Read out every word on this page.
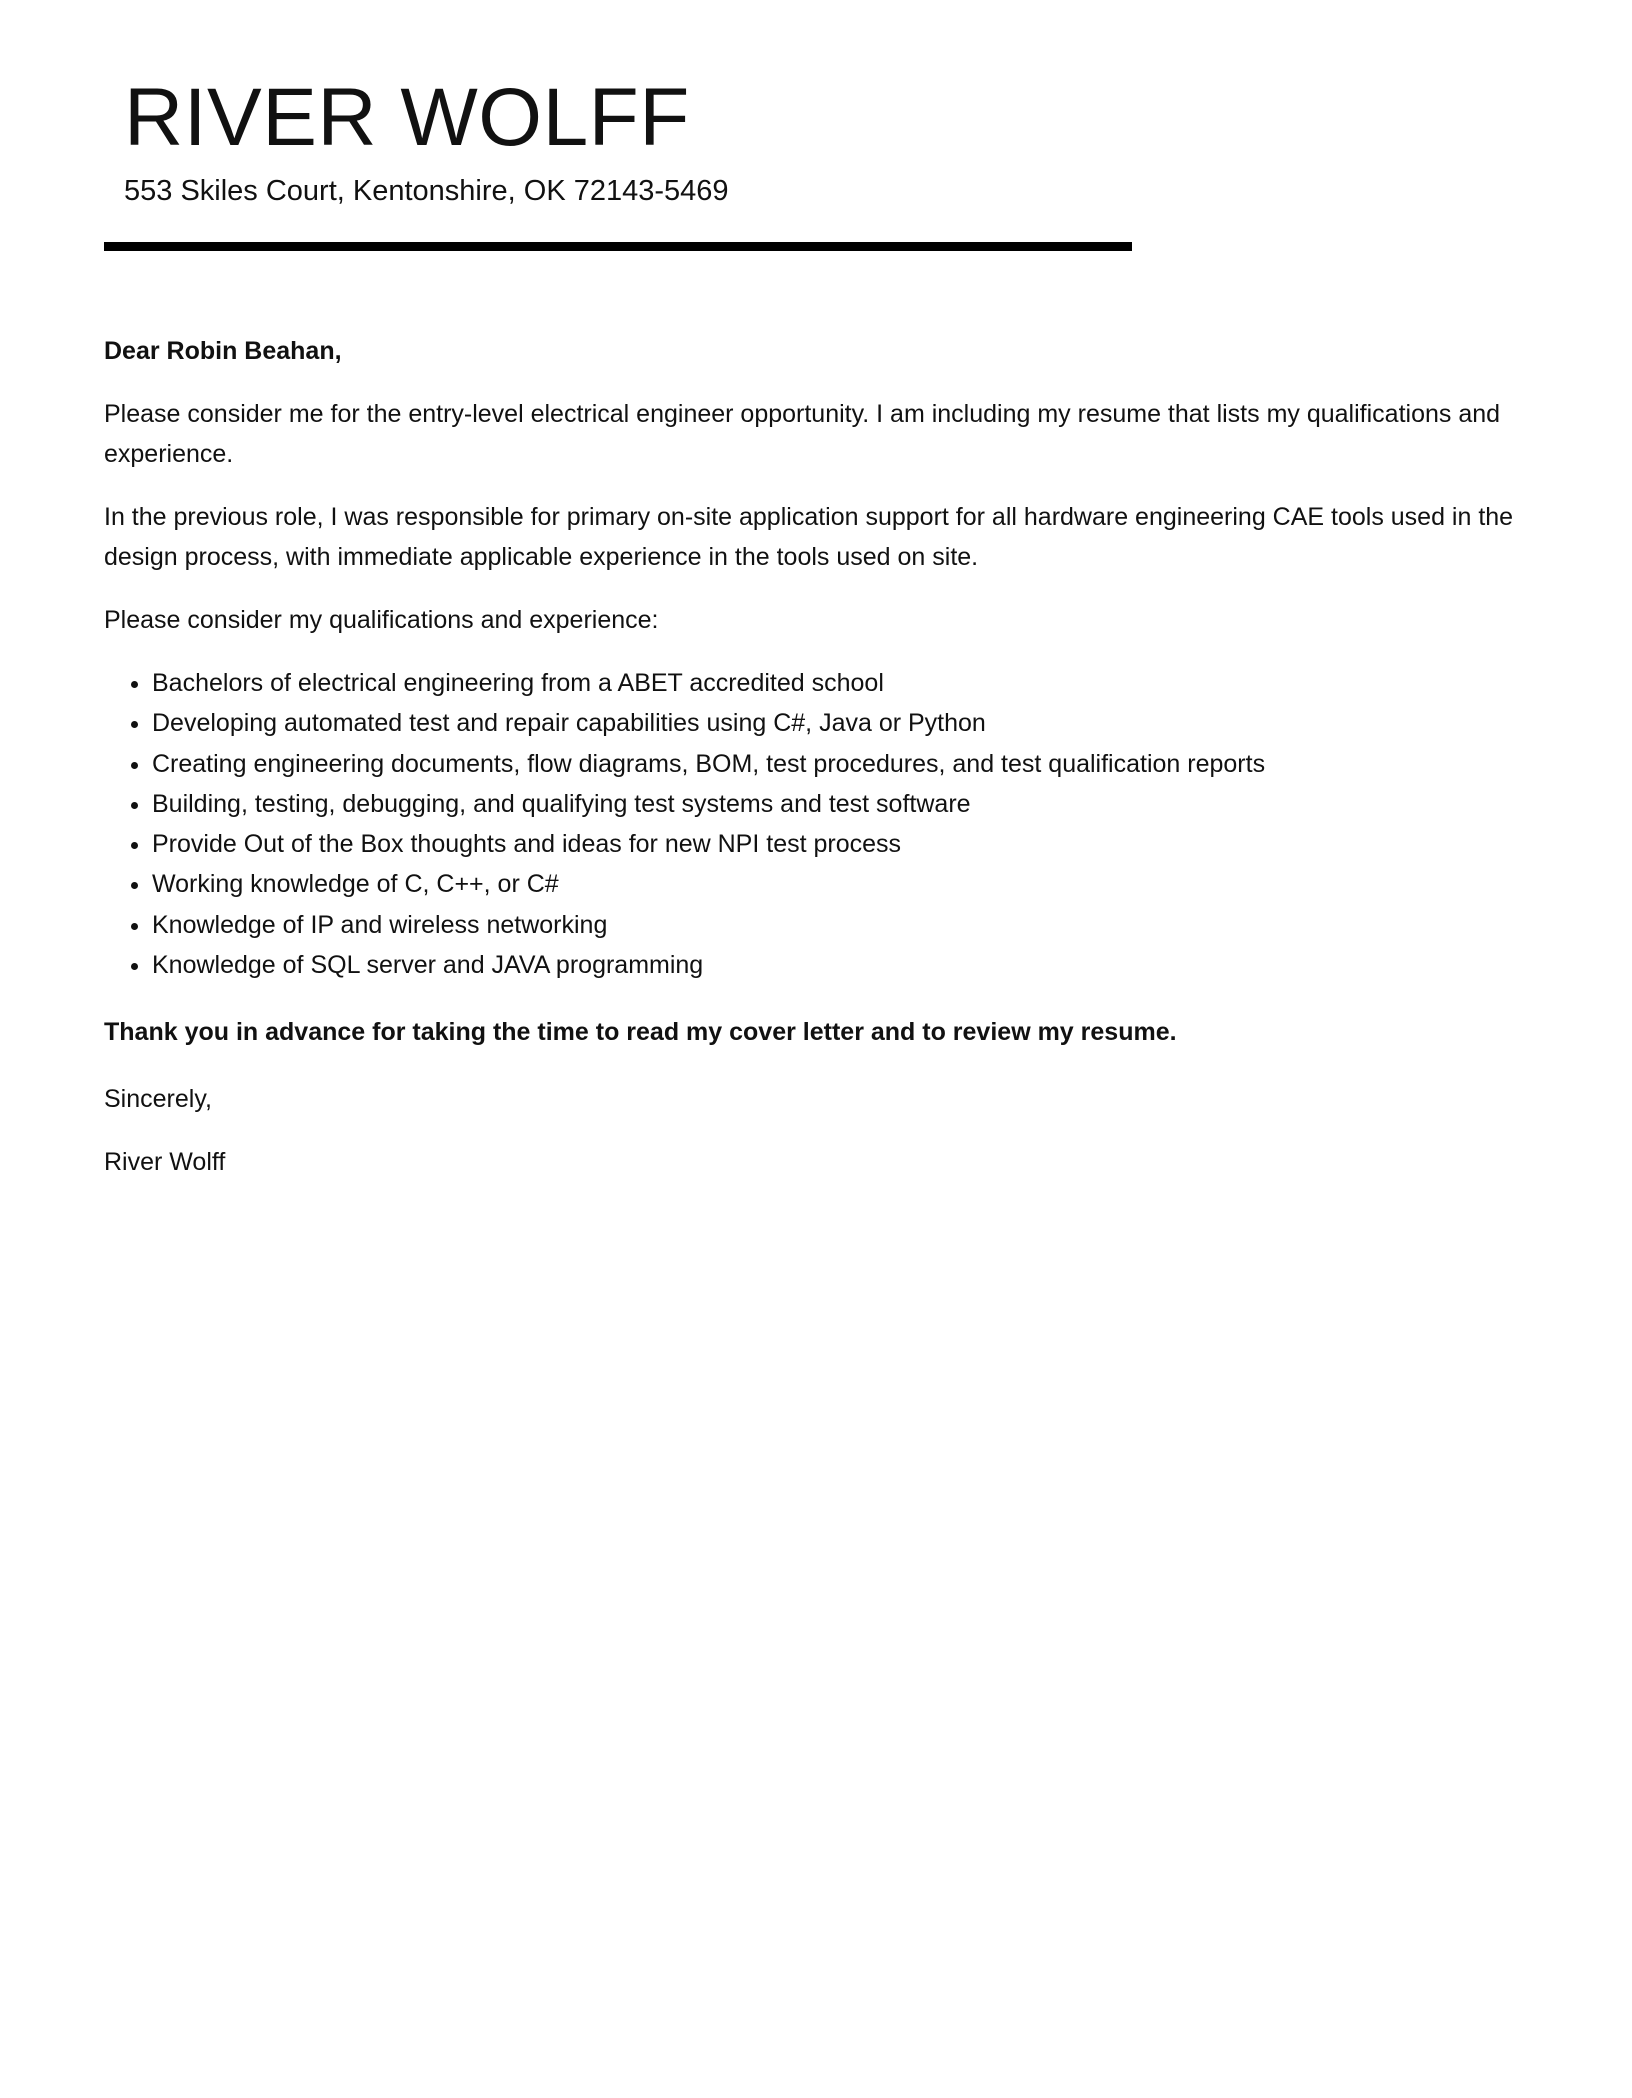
RIVER WOLFF
553 Skiles Court, Kentonshire, OK 72143-5469

Dear Robin Beahan,

Please consider me for the entry-level electrical engineer opportunity. I am including my resume that lists my qualifications and experience.

In the previous role, I was responsible for primary on-site application support for all hardware engineering CAE tools used in the design process, with immediate applicable experience in the tools used on site.

Please consider my qualifications and experience:

• Bachelors of electrical engineering from a ABET accredited school
• Developing automated test and repair capabilities using C#, Java or Python
• Creating engineering documents, flow diagrams, BOM, test procedures, and test qualification reports
• Building, testing, debugging, and qualifying test systems and test software
• Provide Out of the Box thoughts and ideas for new NPI test process
• Working knowledge of C, C++, or C#
• Knowledge of IP and wireless networking
• Knowledge of SQL server and JAVA programming

Thank you in advance for taking the time to read my cover letter and to review my resume.

Sincerely,

River Wolff
